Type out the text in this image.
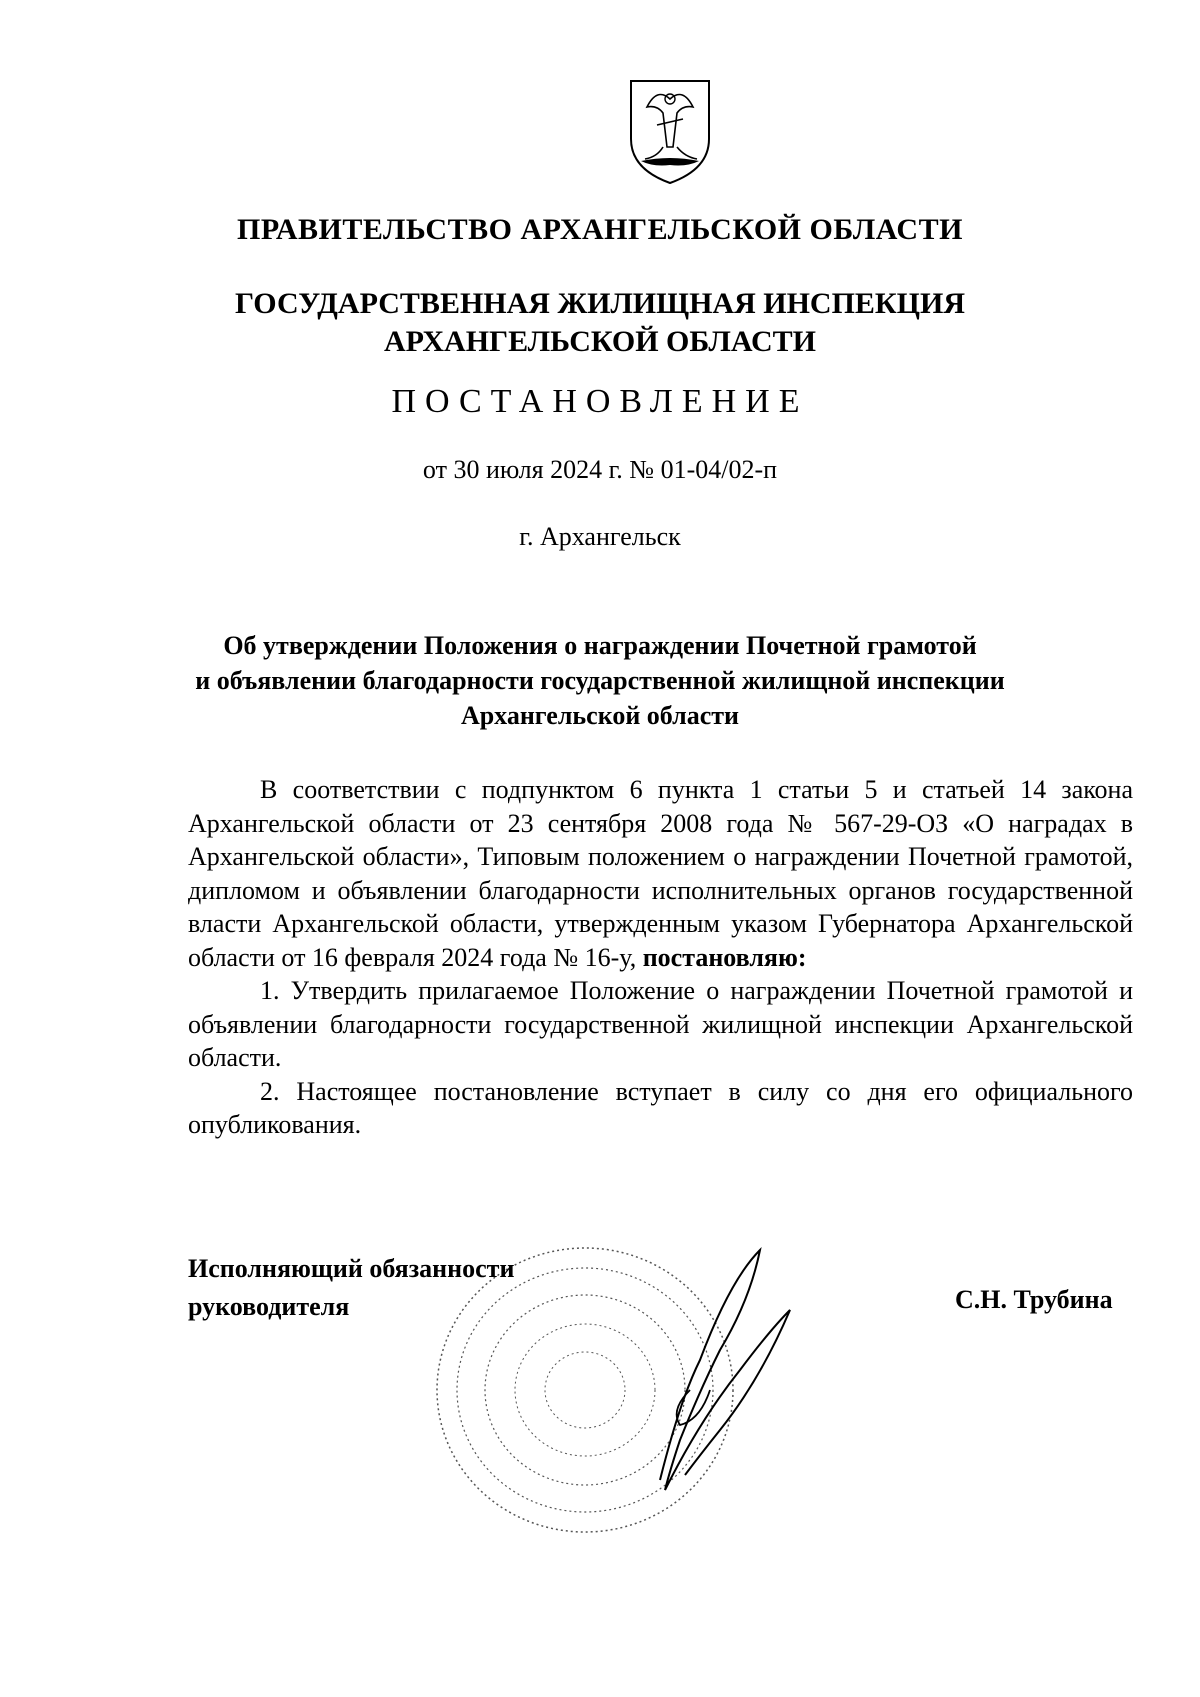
ПРАВИТЕЛЬСТВО АРХАНГЕЛЬСКОЙ ОБЛАСТИ
ГОСУДАРСТВЕННАЯ ЖИЛИЩНАЯ ИНСПЕКЦИЯ
АРХАНГЕЛЬСКОЙ ОБЛАСТИ
ПОСТАНОВЛЕНИЕ
от 30 июля 2024 г. № 01-04/02-п
г. Архангельск
Об утверждении Положения о награждении Почетной грамотой
и объявлении благодарности государственной жилищной инспекции
Архангельской области

В соответствии с подпунктом 6 пункта 1 статьи 5 и статьей 14 закона Архангельской области от 23 сентября 2008 года № 567-29-ОЗ «О наградах в Архангельской области», Типовым положением о награждении Почетной грамотой, дипломом и объявлении благодарности исполнительных органов государственной власти Архангельской области, утвержденным указом Губернатора Архангельской области от 16 февраля 2024 года № 16-у, постановляю:

1. Утвердить прилагаемое Положение о награждении Почетной грамотой и объявлении благодарности государственной жилищной инспекции Архангельской области.

2. Настоящее постановление вступает в силу со дня его официального опубликования.

Исполняющий обязанности
руководителя	С.Н. Трубина
